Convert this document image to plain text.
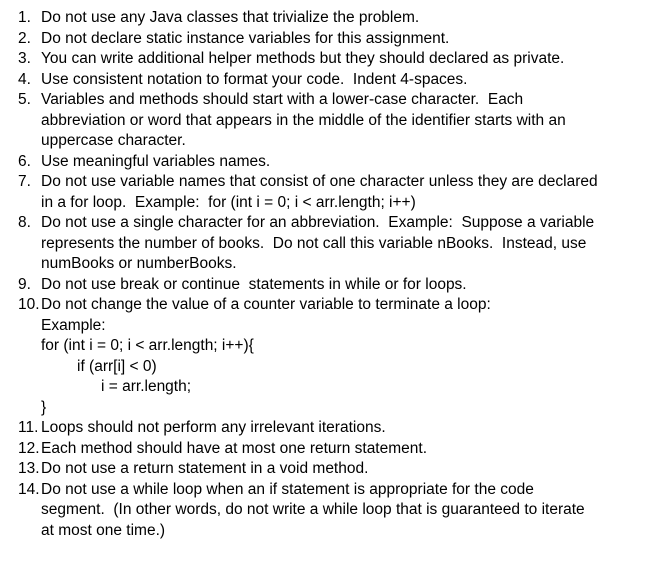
1. Do not use any Java classes that trivialize the problem.
2. Do not declare static instance variables for this assignment.
3. You can write additional helper methods but they should declared as private.
4. Use consistent notation to format your code.  Indent 4-spaces.
5. Variables and methods should start with a lower-case character.  Each
abbreviation or word that appears in the middle of the identifier starts with an
uppercase character.
6. Use meaningful variables names.
7. Do not use variable names that consist of one character unless they are declared
in a for loop.  Example:  for (int i = 0; i < arr.length; i++)
8. Do not use a single character for an abbreviation.  Example:  Suppose a variable
represents the number of books.  Do not call this variable nBooks.  Instead, use
numBooks or numberBooks.
9. Do not use break or continue  statements in while or for loops.
10. Do not change the value of a counter variable to terminate a loop:
Example:
for (int i = 0; i < arr.length; i++){
if (arr[i] < 0)
i = arr.length;
}
11. Loops should not perform any irrelevant iterations.
12. Each method should have at most one return statement.
13. Do not use a return statement in a void method.
14. Do not use a while loop when an if statement is appropriate for the code
segment.  (In other words, do not write a while loop that is guaranteed to iterate
at most one time.)
